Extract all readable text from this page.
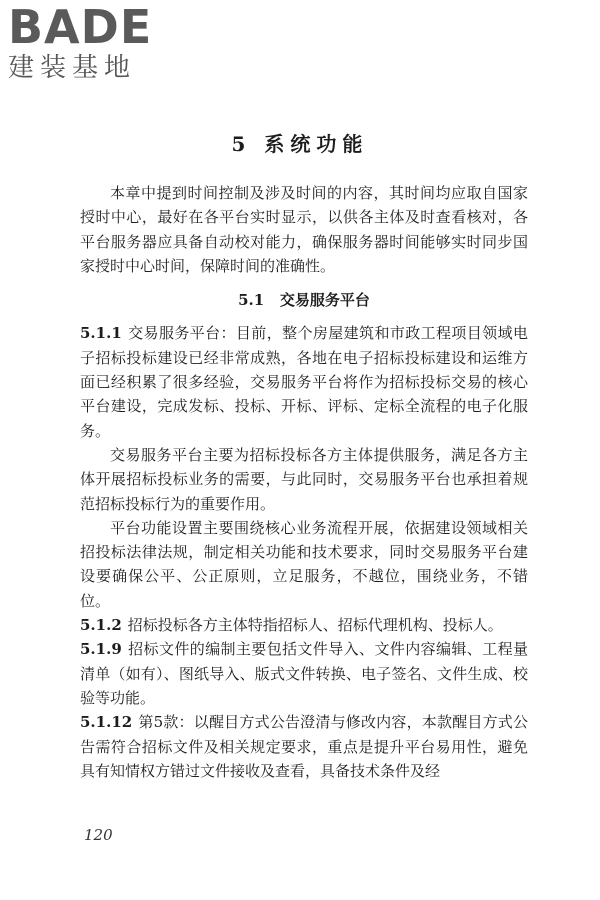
BADE
建装基地
5 系统功能

本章中提到时间控制及涉及时间的内容，其时间均应取自国家授时中心，最好在各平台实时显示，以供各主体及时查看核对，各平台服务器应具备自动校对能力，确保服务器时间能够实时同步国家授时中心时间，保障时间的准确性。

5.1 交易服务平台

5.1.1 交易服务平台：目前，整个房屋建筑和市政工程项目领域电子招标投标建设已经非常成熟，各地在电子招标投标建设和运维方面已经积累了很多经验，交易服务平台将作为招标投标交易的核心平台建设，完成发标、投标、开标、评标、定标全流程的电子化服务。

交易服务平台主要为招标投标各方主体提供服务，满足各方主体开展招标投标业务的需要，与此同时，交易服务平台也承担着规范招标投标行为的重要作用。

平台功能设置主要围绕核心业务流程开展，依据建设领域相关招投标法律法规，制定相关功能和技术要求，同时交易服务平台建设要确保公平、公正原则，立足服务，不越位，围绕业务，不错位。

5.1.2 招标投标各方主体特指招标人、招标代理机构、投标人。

5.1.9 招标文件的编制主要包括文件导入、文件内容编辑、工程量清单（如有）、图纸导入、版式文件转换、电子签名、文件生成、校验等功能。

5.1.12 第5款：以醒目方式公告澄清与修改内容，本款醒目方式公告需符合招标文件及相关规定要求，重点是提升平台易用性，避免具有知情权方错过文件接收及查看，具备技术条件及经

120
